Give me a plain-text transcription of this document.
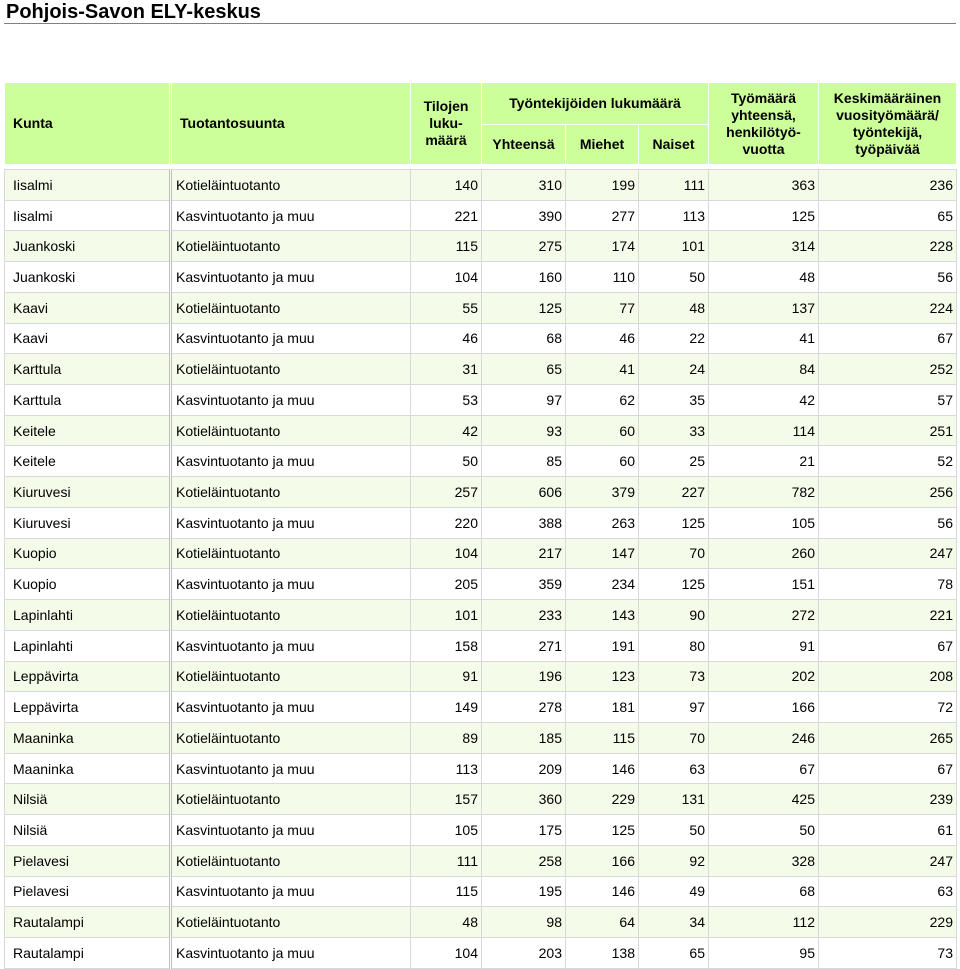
Pohjois-Savon ELY-keskus
Kunta	Tuotantosuunta	Tilojen luku-määrä	Työntekijöiden lukumäärä			Työmäärä yhteensä, henkilötyö-vuotta	Keskimääräinen vuosityömäärä/ työntekijä, työpäivää
			Yhteensä	Miehet	Naiset		

Iisalmi	Kotieläintuotanto	140	310	199	111	363	236
Iisalmi	Kasvintuotanto ja muu	221	390	277	113	125	65
Juankoski	Kotieläintuotanto	115	275	174	101	314	228
Juankoski	Kasvintuotanto ja muu	104	160	110	50	48	56
Kaavi	Kotieläintuotanto	55	125	77	48	137	224
Kaavi	Kasvintuotanto ja muu	46	68	46	22	41	67
Karttula	Kotieläintuotanto	31	65	41	24	84	252
Karttula	Kasvintuotanto ja muu	53	97	62	35	42	57
Keitele	Kotieläintuotanto	42	93	60	33	114	251
Keitele	Kasvintuotanto ja muu	50	85	60	25	21	52
Kiuruvesi	Kotieläintuotanto	257	606	379	227	782	256
Kiuruvesi	Kasvintuotanto ja muu	220	388	263	125	105	56
Kuopio	Kotieläintuotanto	104	217	147	70	260	247
Kuopio	Kasvintuotanto ja muu	205	359	234	125	151	78
Lapinlahti	Kotieläintuotanto	101	233	143	90	272	221
Lapinlahti	Kasvintuotanto ja muu	158	271	191	80	91	67
Leppävirta	Kotieläintuotanto	91	196	123	73	202	208
Leppävirta	Kasvintuotanto ja muu	149	278	181	97	166	72
Maaninka	Kotieläintuotanto	89	185	115	70	246	265
Maaninka	Kasvintuotanto ja muu	113	209	146	63	67	67
Nilsiä	Kotieläintuotanto	157	360	229	131	425	239
Nilsiä	Kasvintuotanto ja muu	105	175	125	50	50	61
Pielavesi	Kotieläintuotanto	111	258	166	92	328	247
Pielavesi	Kasvintuotanto ja muu	115	195	146	49	68	63
Rautalampi	Kotieläintuotanto	48	98	64	34	112	229
Rautalampi	Kasvintuotanto ja muu	104	203	138	65	95	73
